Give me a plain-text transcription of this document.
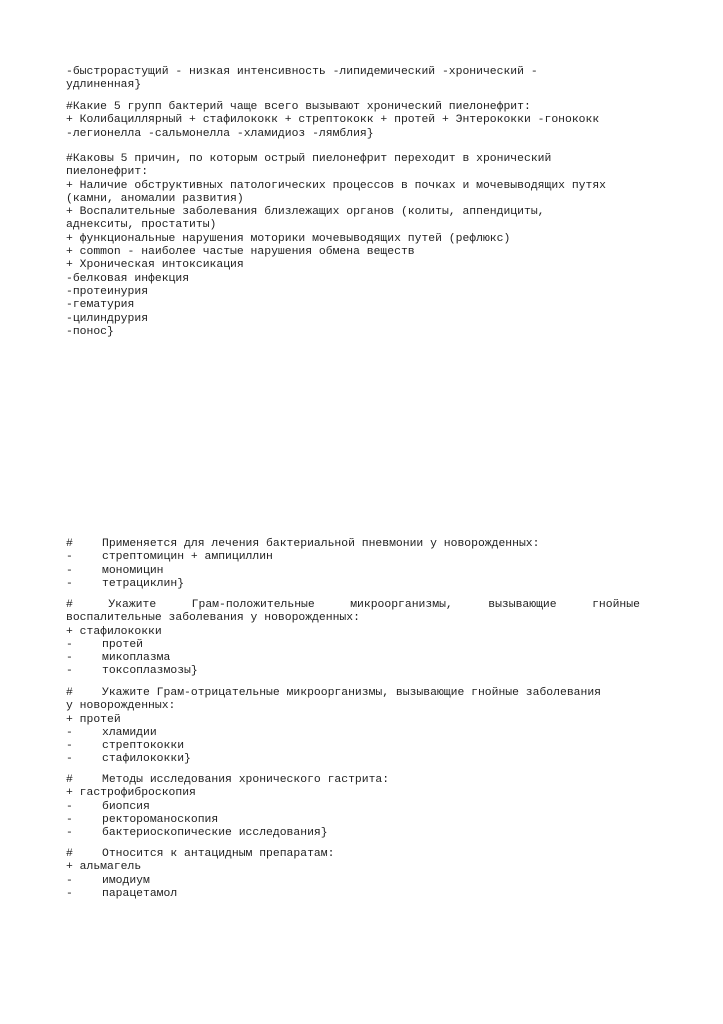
-быстрорастущий - низкая интенсивность -липидемический -хронический -
удлиненная}
#Какие 5 групп бактерий чаще всего вызывают хронический пиелонефрит:
+ Колибациллярный + стафилококк + стрептококк + протей + Энтерококки -гонококк
-легионелла -сальмонелла -хламидиоз -лямблия}
#Каковы 5 причин, по которым острый пиелонефрит переходит в хронический
пиелонефрит:
+ Наличие обструктивных патологических процессов в почках и мочевыводящих путях
(камни, аномалии развития)
+ Воспалительные заболевания близлежащих органов (колиты, аппендициты,
аднекситы, простатиты)
+ функциональные нарушения моторики мочевыводящих путей (рефлюкс)
+ common - наиболее частые нарушения обмена веществ
+ Хроническая интоксикация
-белковая инфекция
-протеинурия
-гематурия
-цилиндрурия
-понос}
#	Применяется для лечения бактериальной пневмонии у новорожденных:
-	стрептомицин + ампициллин
-	мономицин
-	тетрациклин}
#	Укажите	Грам-положительные	микроорганизмы,	вызывающие	гнойные
воспалительные заболевания у новорожденных:
+ стафилококки
-	протей
-	микоплазма
-	токсоплазмозы}
#	Укажите Грам-отрицательные микроорганизмы, вызывающие гнойные заболевания
у новорожденных:
+ протей
-	хламидии
-	стрептококки
-	стафилококки}
#	Методы исследования хронического гастрита:
+ гастрофиброскопия
-	биопсия
-	ректороманоскопия
-	бактериоскопические исследования}
#	Относится к антацидным препаратам:
+ альмагель
-	имодиум
-	парацетамол
